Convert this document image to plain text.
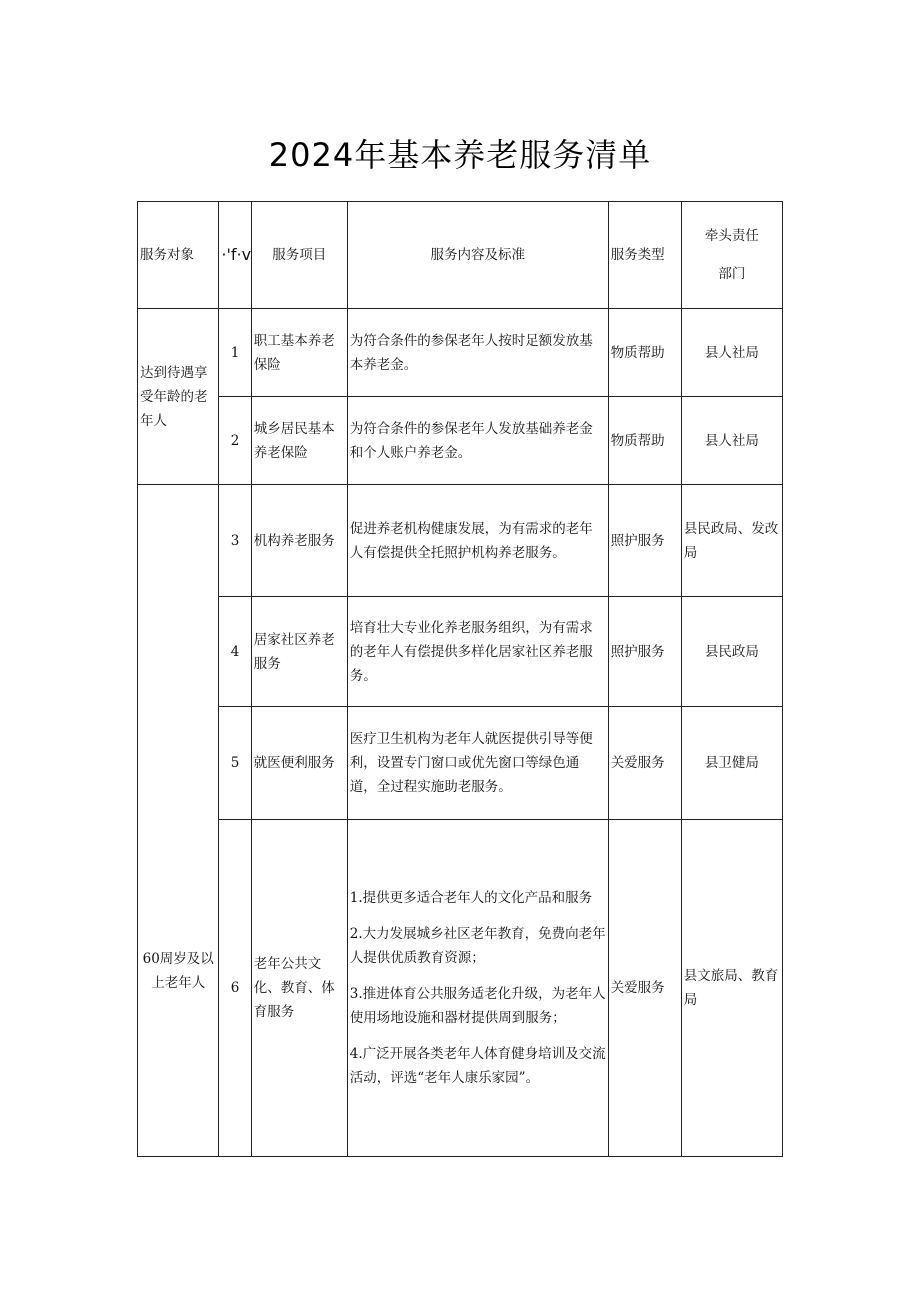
2024年基本养老服务清单
服务对象	·'f·v	服务项目	服务内容及标准	服务类型	牵头责任
部门

达到待遇享受年龄的老年人	1	职工基本养老保险	为符合条件的参保老年人按时足额发放基本养老金。	物质帮助	县人社局
	2	城乡居民基本养老保险	为符合条件的参保老年人发放基础养老金和个人账户养老金。	物质帮助	县人社局
60周岁及以上老年人	3	机构养老服务	促进养老机构健康发展，为有需求的老年人有偿提供全托照护机构养老服务。	照护服务	县民政局、发改局
	4	居家社区养老服务	培育壮大专业化养老服务组织，为有需求的老年人有偿提供多样化居家社区养老服务。	照护服务	县民政局
	5	就医便利服务	医疗卫生机构为老年人就医提供引导等便利，设置专门窗口或优先窗口等绿色通道，全过程实施助老服务。	关爱服务	县卫健局
	6	老年公共文化、教育、体育服务	1.提供更多适合老年人的文化产品和服务

2.大力发展城乡社区老年教育，免费向老年人提供优质教育资源；

3.推进体育公共服务适老化升级，为老年人使用场地设施和器材提供周到服务；

4.广泛开展各类老年人体育健身培训及交流活动，评选“老年人康乐家园”。	关爱服务	县文旅局、教育局
